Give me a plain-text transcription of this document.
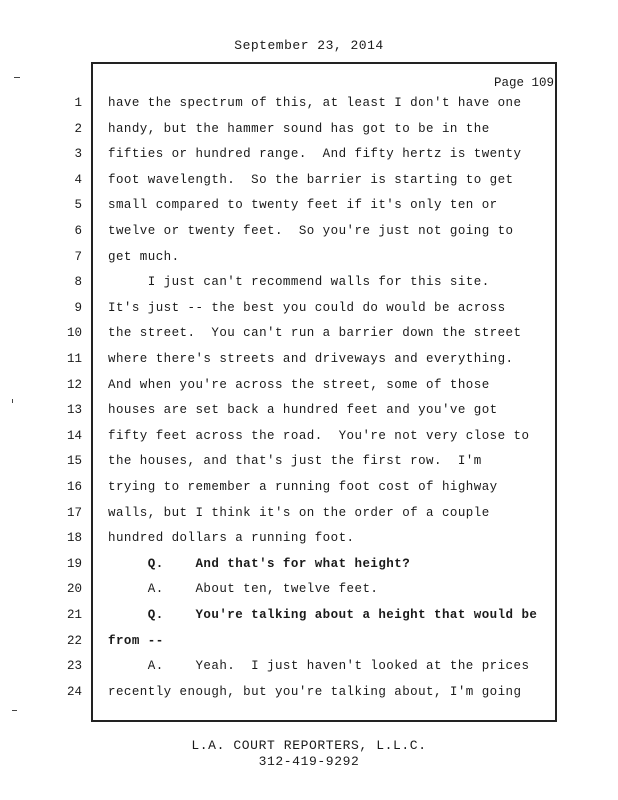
September 23, 2014
Page 109
1 have the spectrum of this, at least I don't have one
2 handy, but the hammer sound has got to be in the
3 fifties or hundred range.  And fifty hertz is twenty
4 foot wavelength.  So the barrier is starting to get
5 small compared to twenty feet if it's only ten or
6 twelve or twenty feet.  So you're just not going to
7 get much.
8 I just can't recommend walls for this site.
9 It's just -- the best you could do would be across
10 the street.  You can't run a barrier down the street
11 where there's streets and driveways and everything.
12 And when you're across the street, some of those
13 houses are set back a hundred feet and you've got
14 fifty feet across the road.  You're not very close to
15 the houses, and that's just the first row.  I'm
16 trying to remember a running foot cost of highway
17 walls, but I think it's on the order of a couple
18 hundred dollars a running foot.
19 Q.    And that's for what height?
20 A.    About ten, twelve feet.
21 Q.    You're talking about a height that would be
22 from --
23 A.    Yeah.  I just haven't looked at the prices
24 recently enough, but you're talking about, I'm going
L.A. COURT REPORTERS, L.L.C.
312-419-9292
